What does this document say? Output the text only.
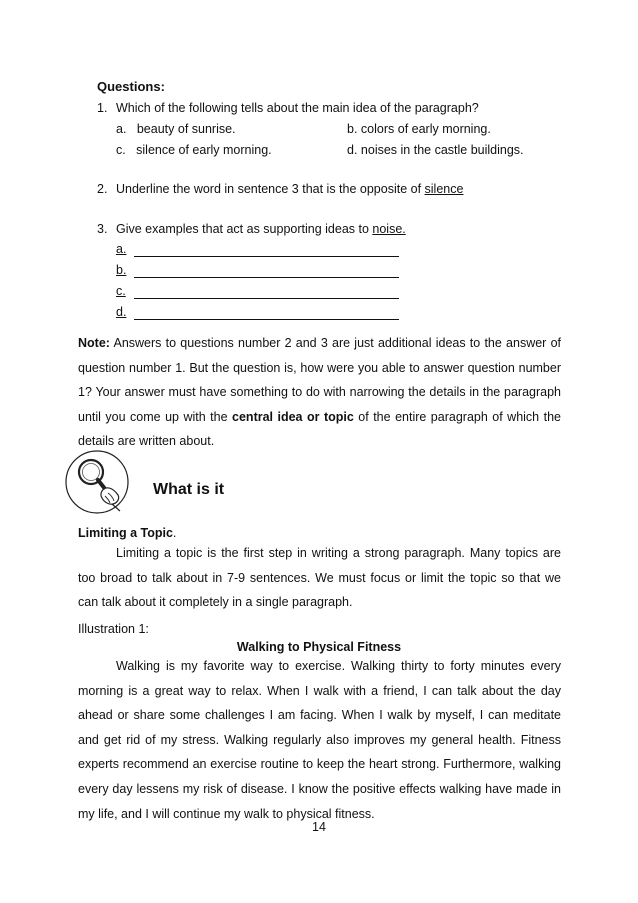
Questions:
1. Which of the following tells about the main idea of the paragraph?
a. beauty of sunrise.	b. colors of early morning.
c. silence of early morning.	d. noises in the castle buildings.
2. Underline the word in sentence 3 that is the opposite of silence
3. Give examples that act as supporting ideas to noise.
a.
b.
c.
d.
Note: Answers to questions number 2 and 3 are just additional ideas to the answer of question number 1. But the question is, how were you able to answer question number 1? Your answer must have something to do with narrowing the details in the paragraph until you come up with the central idea or topic of the entire paragraph of which the details are written about.
What is it
Limiting a Topic.
Limiting a topic is the first step in writing a strong paragraph. Many topics are too broad to talk about in 7-9 sentences. We must focus or limit the topic so that we can talk about it completely in a single paragraph.
Illustration 1:
Walking to Physical Fitness
Walking is my favorite way to exercise. Walking thirty to forty minutes every morning is a great way to relax. When I walk with a friend, I can talk about the day ahead or share some challenges I am facing. When I walk by myself, I can meditate and get rid of my stress. Walking regularly also improves my general health. Fitness experts recommend an exercise routine to keep the heart strong. Furthermore, walking every day lessens my risk of disease. I know the positive effects walking have made in my life, and I will continue my walk to physical fitness.
14
